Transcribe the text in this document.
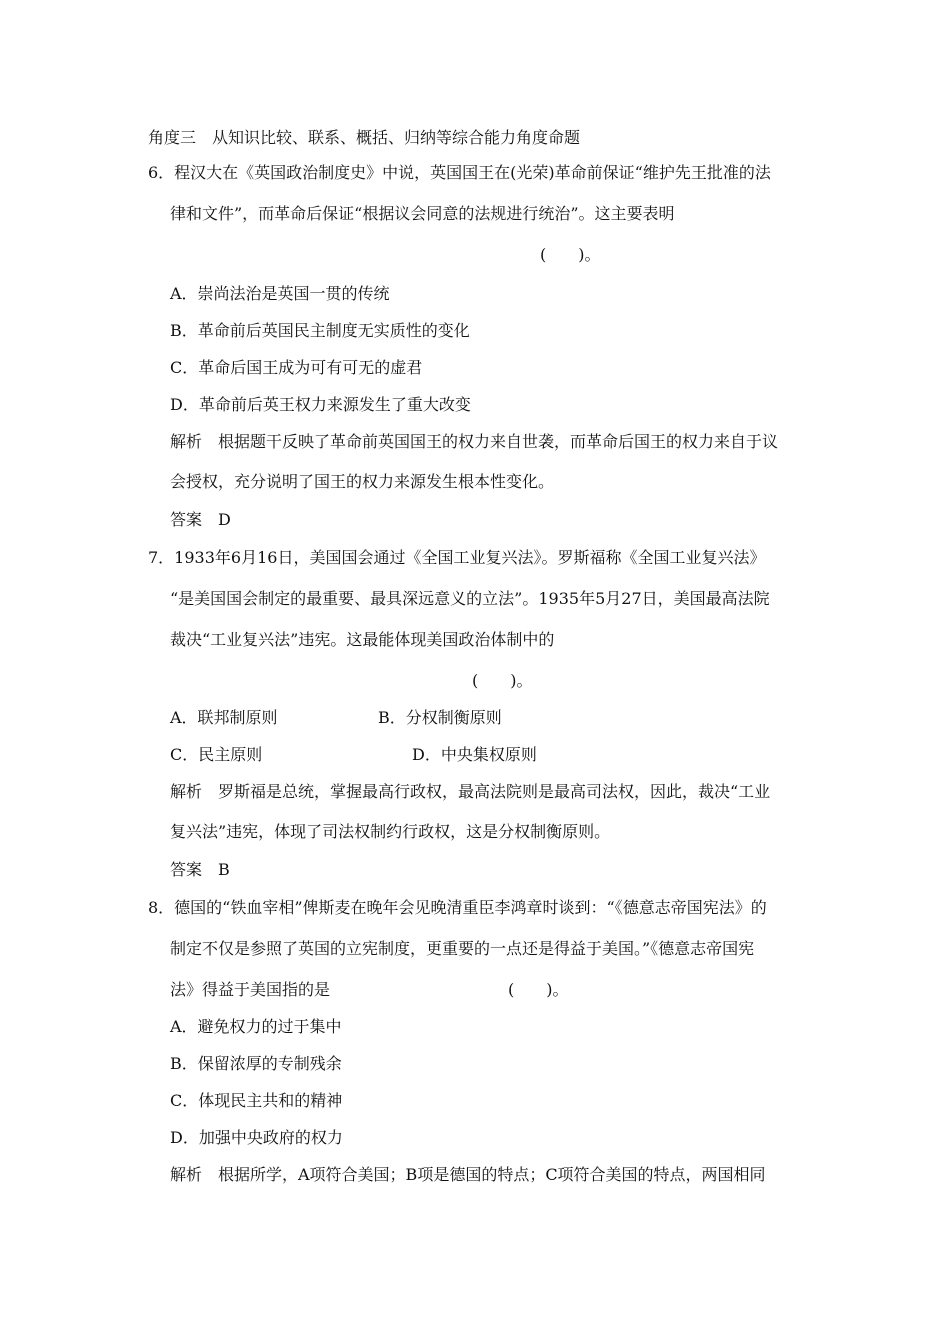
角度三　从知识比较、联系、概括、归纳等综合能力角度命题
6．程汉大在《英国政治制度史》中说，英国国王在(光荣)革命前保证“维护先王批准的法
律和文件”，而革命后保证“根据议会同意的法规进行统治”。这主要表明
(　　)。
A．崇尚法治是英国一贯的传统
B．革命前后英国民主制度无实质性的变化
C．革命后国王成为可有可无的虚君
D．革命前后英王权力来源发生了重大改变
解析　根据题干反映了革命前英国国王的权力来自世袭，而革命后国王的权力来自于议
会授权，充分说明了国王的权力来源发生根本性变化。
答案　D
7．1933年6月16日，美国国会通过《全国工业复兴法》。罗斯福称《全国工业复兴法》
“是美国国会制定的最重要、最具深远意义的立法”。1935年5月27日，美国最高法院
裁决“工业复兴法”违宪。这最能体现美国政治体制中的
(　　)。
A．联邦制原则	B．分权制衡原则
C．民主原则	D．中央集权原则
解析　罗斯福是总统，掌握最高行政权，最高法院则是最高司法权，因此，裁决“工业
复兴法”违宪，体现了司法权制约行政权，这是分权制衡原则。
答案　B
8．德国的“铁血宰相”俾斯麦在晚年会见晚清重臣李鸿章时谈到：“《德意志帝国宪法》的
制定不仅是参照了英国的立宪制度，更重要的一点还是得益于美国。”《德意志帝国宪
法》得益于美国指的是	(　　)。
A．避免权力的过于集中
B．保留浓厚的专制残余
C．体现民主共和的精神
D．加强中央政府的权力
解析　根据所学，A项符合美国；B项是德国的特点；C项符合美国的特点，两国相同
